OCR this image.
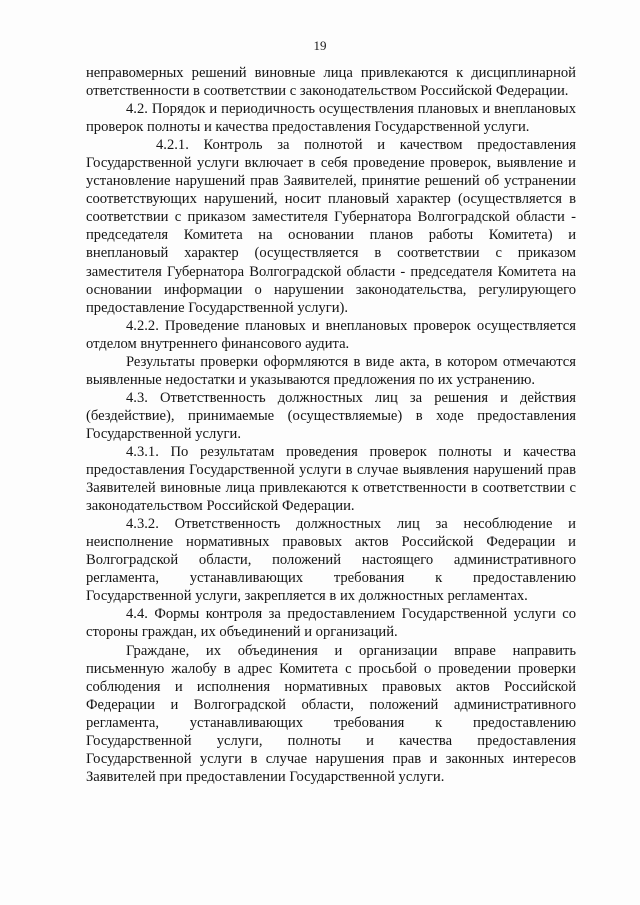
19

неправомерных решений виновные лица привлекаются к дисциплинарной ответственности в соответствии с законодательством Российской Федерации.

4.2. Порядок и периодичность осуществления плановых и внеплановых проверок полноты и качества предоставления Государственной услуги.

4.2.1. Контроль за полнотой и качеством предоставления Государственной услуги включает в себя проведение проверок, выявление и установление нарушений прав Заявителей, принятие решений об устранении соответствующих нарушений, носит плановый характер (осуществляется в соответствии с приказом заместителя Губернатора Волгоградской области - председателя Комитета на основании планов работы Комитета) и внеплановый характер (осуществляется в соответствии с приказом заместителя Губернатора Волгоградской области - председателя Комитета на основании информации о нарушении законодательства, регулирующего предоставление Государственной услуги).

4.2.2. Проведение плановых и внеплановых проверок осуществляется отделом внутреннего финансового аудита.

Результаты проверки оформляются в виде акта, в котором отмечаются выявленные недостатки и указываются предложения по их устранению.

4.3. Ответственность должностных лиц за решения и действия (бездействие), принимаемые (осуществляемые) в ходе предоставления Государственной услуги.

4.3.1. По результатам проведения проверок полноты и качества предоставления Государственной услуги в случае выявления нарушений прав Заявителей виновные лица привлекаются к ответственности в соответствии с законодательством Российской Федерации.

4.3.2. Ответственность должностных лиц за несоблюдение и неисполнение нормативных правовых актов Российской Федерации и Волгоградской области, положений настоящего административного регламента, устанавливающих требования к предоставлению Государственной услуги, закрепляется в их должностных регламентах.

4.4. Формы контроля за предоставлением Государственной услуги со стороны граждан, их объединений и организаций.

Граждане, их объединения и организации вправе направить письменную жалобу в адрес Комитета с просьбой о проведении проверки соблюдения и исполнения нормативных правовых актов Российской Федерации и Волгоградской области, положений административного регламента, устанавливающих требования к предоставлению Государственной услуги, полноты и качества предоставления Государственной услуги в случае нарушения прав и законных интересов Заявителей при предоставлении Государственной услуги.
